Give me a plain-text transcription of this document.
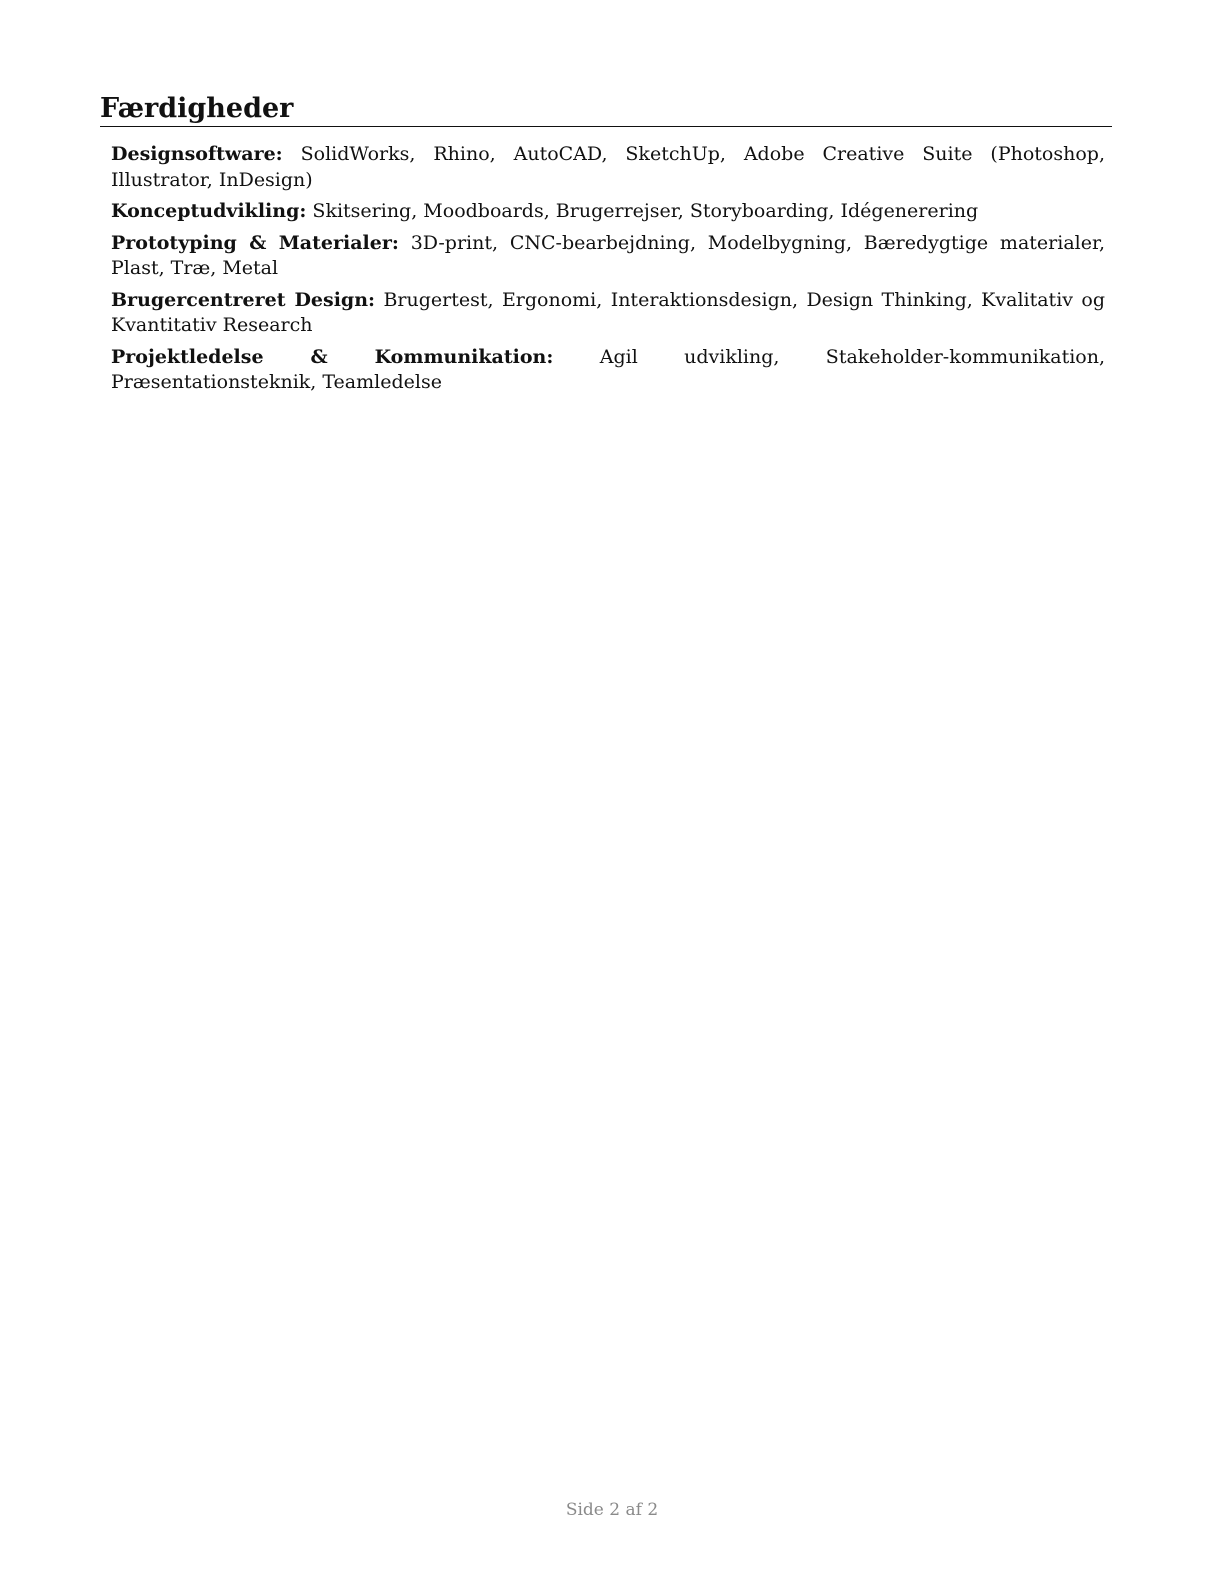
Færdigheder

Designsoftware: SolidWorks, Rhino, AutoCAD, SketchUp, Adobe Creative Suite (Photoshop, Illustrator, InDesign)

Konceptudvikling: Skitsering, Moodboards, Brugerrejser, Storyboarding, Idégenerering

Prototyping & Materialer: 3D-print, CNC-bearbejdning, Modelbygning, Bæredygtige materialer, Plast, Træ, Metal

Brugercentreret Design: Brugertest, Ergonomi, Interaktionsdesign, Design Thinking, Kvalitativ og Kvantitativ Research

Projektledelse & Kommunikation: Agil udvikling, Stakeholder-kommunikation, Præsentationsteknik, Teamledelse

Side 2 af 2
